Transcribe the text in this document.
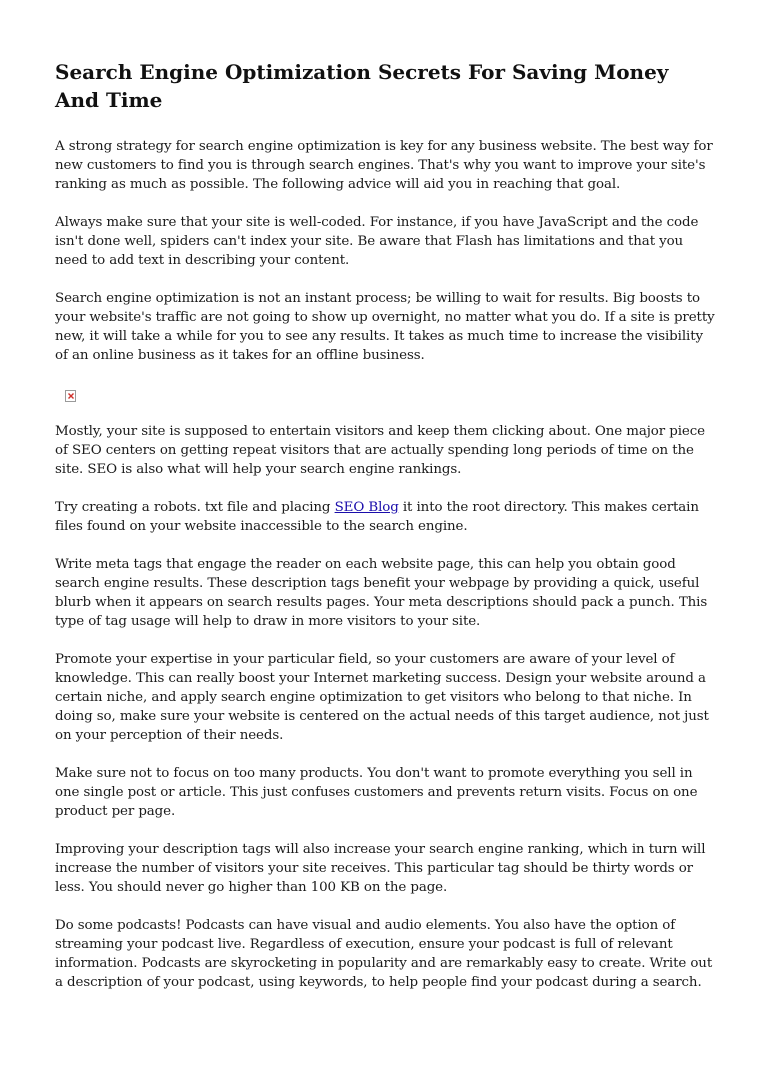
Search Engine Optimization Secrets For Saving Money And Time

A strong strategy for search engine optimization is key for any business website. The best way for new customers to find you is through search engines. That's why you want to improve your site's ranking as much as possible. The following advice will aid you in reaching that goal.

Always make sure that your site is well-coded. For instance, if you have JavaScript and the code isn't done well, spiders can't index your site. Be aware that Flash has limitations and that you need to add text in describing your content.

Search engine optimization is not an instant process; be willing to wait for results. Big boosts to your website's traffic are not going to show up overnight, no matter what you do. If a site is pretty new, it will take a while for you to see any results. It takes as much time to increase the visibility of an online business as it takes for an offline business.

Mostly, your site is supposed to entertain visitors and keep them clicking about. One major piece of SEO centers on getting repeat visitors that are actually spending long periods of time on the site. SEO is also what will help your search engine rankings.

Try creating a robots. txt file and placing SEO Blog it into the root directory. This makes certain files found on your website inaccessible to the search engine.

Write meta tags that engage the reader on each website page, this can help you obtain good search engine results. These description tags benefit your webpage by providing a quick, useful blurb when it appears on search results pages. Your meta descriptions should pack a punch. This type of tag usage will help to draw in more visitors to your site.

Promote your expertise in your particular field, so your customers are aware of your level of knowledge. This can really boost your Internet marketing success. Design your website around a certain niche, and apply search engine optimization to get visitors who belong to that niche. In doing so, make sure your website is centered on the actual needs of this target audience, not just on your perception of their needs.

Make sure not to focus on too many products. You don't want to promote everything you sell in one single post or article. This just confuses customers and prevents return visits. Focus on one product per page.

Improving your description tags will also increase your search engine ranking, which in turn will increase the number of visitors your site receives. This particular tag should be thirty words or less. You should never go higher than 100 KB on the page.

Do some podcasts! Podcasts can have visual and audio elements. You also have the option of streaming your podcast live. Regardless of execution, ensure your podcast is full of relevant information. Podcasts are skyrocketing in popularity and are remarkably easy to create. Write out a description of your podcast, using keywords, to help people find your podcast during a search.
